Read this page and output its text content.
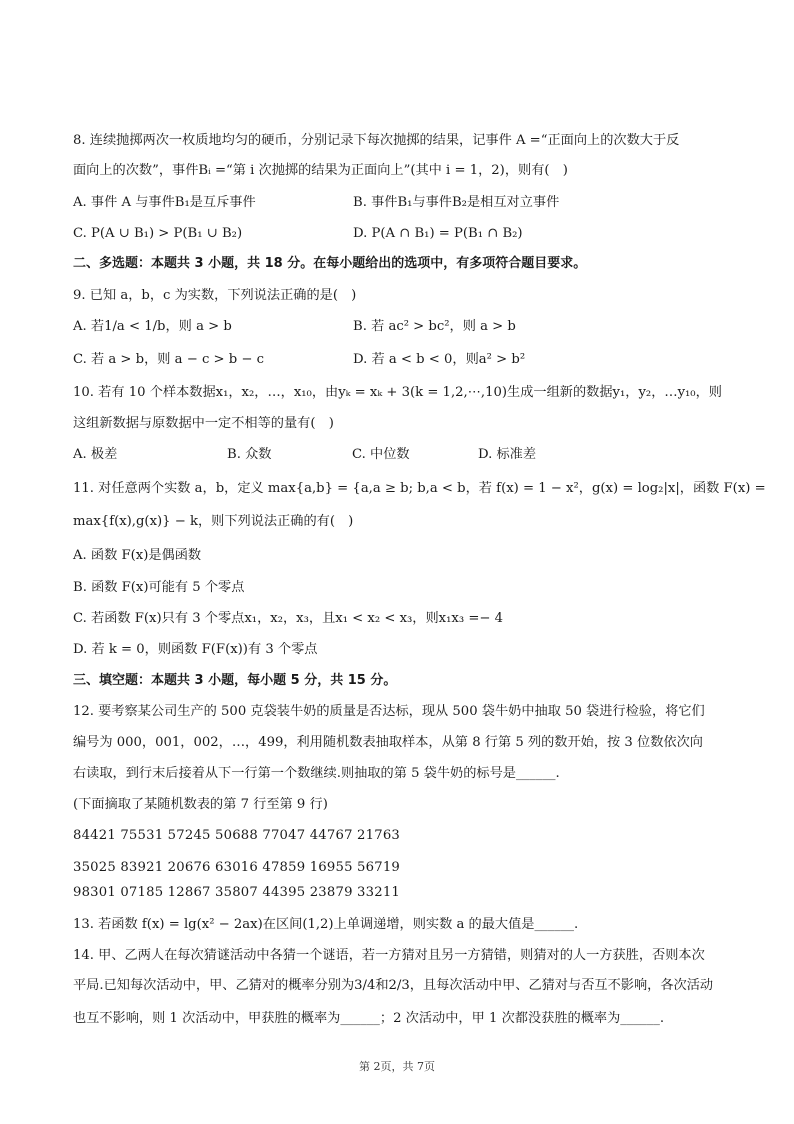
8. 连续抛掷两次一枚质地均匀的硬币，分别记录下每次抛掷的结果，记事件 A =“正面向上的次数大于反
面向上的次数”，事件Bᵢ =“第 i 次抛掷的结果为正面向上”(其中 i = 1，2)，则有(　)
A. 事件 A 与事件B₁是互斥事件	B. 事件B₁与事件B₂是相互对立事件
C. P(A ∪ B₁) > P(B₁ ∪ B₂)	D. P(A ∩ B₁) = P(B₁ ∩ B₂)
二、多选题：本题共 3 小题，共 18 分。在每小题给出的选项中，有多项符合题目要求。
9. 已知 a，b，c 为实数，下列说法正确的是(　)
A. 若1/a < 1/b，则 a > b	B. 若 ac² > bc²，则 a > b
C. 若 a > b，则 a − c > b − c	D. 若 a < b < 0，则a² > b²
10. 若有 10 个样本数据x₁，x₂，…，x₁₀，由yₖ = xₖ + 3(k = 1,2,⋯,10)生成一组新的数据y₁，y₂，…y₁₀，则
这组新数据与原数据中一定不相等的量有(　)
A. 极差	B. 众数	C. 中位数	D. 标准差
11. 对任意两个实数 a，b，定义 max{a,b} = {a,a ≥ b; b,a < b，若 f(x) = 1 − x²，g(x) = log₂|x|，函数 F(x) =
max{f(x),g(x)} − k，则下列说法正确的有(　)
A. 函数 F(x)是偶函数
B. 函数 F(x)可能有 5 个零点
C. 若函数 F(x)只有 3 个零点x₁，x₂，x₃，且x₁ < x₂ < x₃，则x₁x₃ =− 4
D. 若 k = 0，则函数 F(F(x))有 3 个零点
三、填空题：本题共 3 小题，每小题 5 分，共 15 分。
12. 要考察某公司生产的 500 克袋装牛奶的质量是否达标，现从 500 袋牛奶中抽取 50 袋进行检验，将它们
编号为 000，001，002，…，499，利用随机数表抽取样本，从第 8 行第 5 列的数开始，按 3 位数依次向
右读取，到行末后接着从下一行第一个数继续.则抽取的第 5 袋牛奶的标号是______.
(下面摘取了某随机数表的第 7 行至第 9 行)
84421 75531 57245 50688 77047 44767 21763
35025 83921 20676 63016 47859 16955 56719
98301 07185 12867 35807 44395 23879 33211
13. 若函数 f(x) = lg(x² − 2ax)在区间(1,2)上单调递增，则实数 a 的最大值是______.
14. 甲、乙两人在每次猜谜活动中各猜一个谜语，若一方猜对且另一方猜错，则猜对的人一方获胜，否则本次
平局.已知每次活动中，甲、乙猜对的概率分别为3/4和2/3，且每次活动中甲、乙猜对与否互不影响，各次活动
也互不影响，则 1 次活动中，甲获胜的概率为______；2 次活动中，甲 1 次都没获胜的概率为______.
第 2页，共 7页
